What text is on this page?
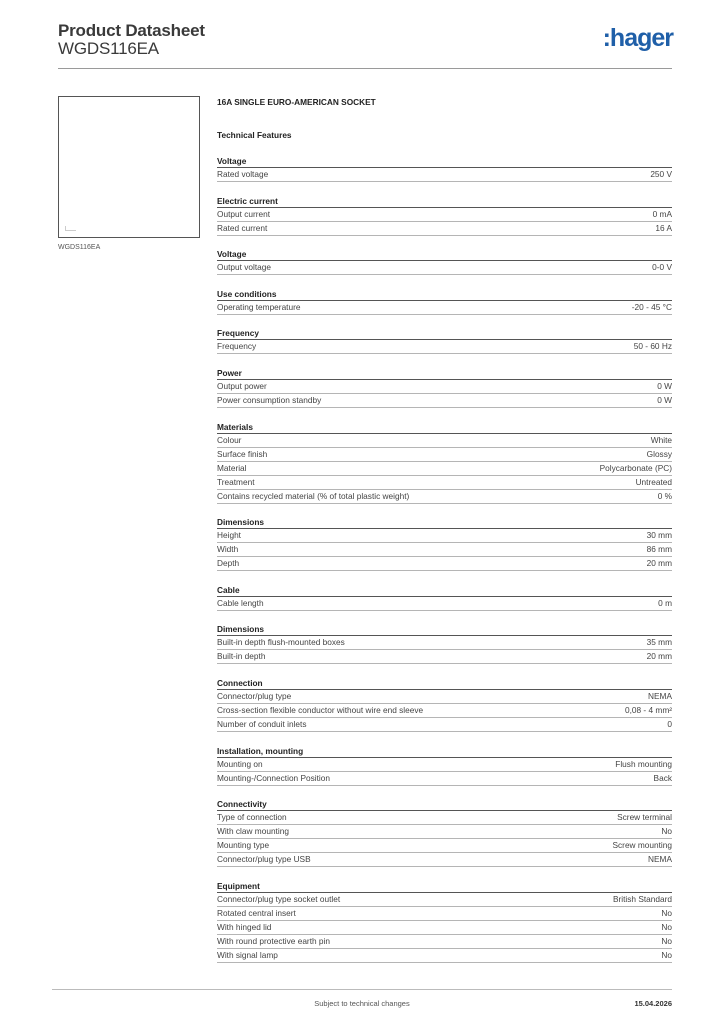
Product Datasheet
WGDS116EA	:hager
WGDS116EA
16A SINGLE EURO-AMERICAN SOCKET
Technical Features
Voltage
Rated voltage	250 V
Electric current
Output current	0 mA
Rated current	16 A
Voltage
Output voltage	0-0 V
Use conditions
Operating temperature	-20 - 45 °C
Frequency
Frequency	50 - 60 Hz
Power
Output power	0 W
Power consumption standby	0 W
Materials
Colour	White
Surface finish	Glossy
Material	Polycarbonate (PC)
Treatment	Untreated
Contains recycled material (% of total plastic weight)	0 %
Dimensions
Height	30 mm
Width	86 mm
Depth	20 mm
Cable
Cable length	0 m
Dimensions
Built-in depth flush-mounted boxes	35 mm
Built-in depth	20 mm
Connection
Connector/plug type	NEMA
Cross-section flexible conductor without wire end sleeve	0,08 - 4 mm²
Number of conduit inlets	0
Installation, mounting
Mounting on	Flush mounting
Mounting-/Connection Position	Back
Connectivity
Type of connection	Screw terminal
With claw mounting	No
Mounting type	Screw mounting
Connector/plug type USB	NEMA
Equipment
Connector/plug type socket outlet	British Standard
Rotated central insert	No
With hinged lid	No
With round protective earth pin	No
With signal lamp	No
Subject to technical changes	15.04.2026
